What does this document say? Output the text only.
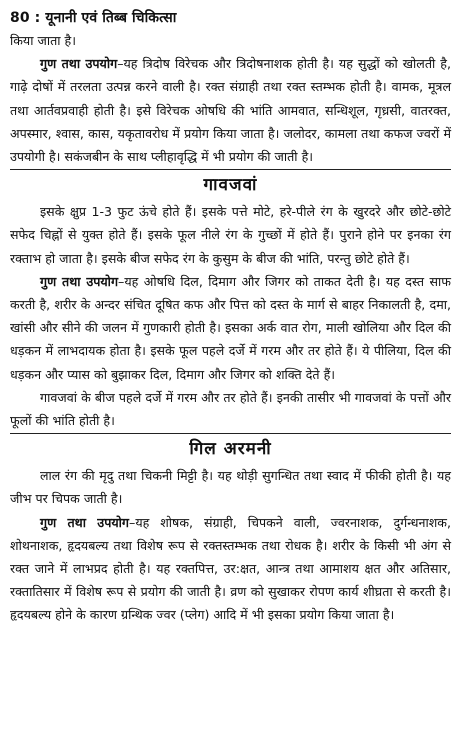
80 : यूनानी एवं तिब्ब चिकित्सा

किया जाता है।

गुण तथा उपयोग–यह त्रिदोष विरेचक और त्रिदोषनाशक होती है। यह सुद्धों को खोलती है, गाढ़े दोषों में तरलता उत्पन्न करने वाली है। रक्त संग्राही तथा रक्त स्तम्भक होती है। वामक, मूत्रल तथा आर्तवप्रवाही होती है। इसे विरेचक ओषधि की भांति आमवात, सन्धिशूल, गृध्रसी, वातरक्त, अपस्मार, श्वास, कास, यकृतावरोध में प्रयोग किया जाता है। जलोदर, कामला तथा कफज ज्वरों में उपयोगी है। सकंजबीन के साथ प्लीहावृद्धि में भी प्रयोग की जाती है।

गावजवां

इसके क्षुप्र 1-3 फुट ऊंचे होते हैं। इसके पत्ते मोटे, हरे-पीले रंग के खुरदरे और छोटे-छोटे सफेद चिह्नों से युक्त होते हैं। इसके फूल नीले रंग के गुच्छों में होते हैं। पुराने होने पर इनका रंग रक्ताभ हो जाता है। इसके बीज सफेद रंग के कुसुम के बीज की भांति, परन्तु छोटे होते हैं।

गुण तथा उपयोग–यह ओषधि दिल, दिमाग और जिगर को ताकत देती है। यह दस्त साफ करती है, शरीर के अन्दर संचित दूषित कफ और पित्त को दस्त के मार्ग से बाहर निकालती है, दमा, खांसी और सीने की जलन में गुणकारी होती है। इसका अर्क वात रोग, माली खोलिया और दिल की धड़कन में लाभदायक होता है। इसके फूल पहले दर्जे में गरम और तर होते हैं। ये पीलिया, दिल की धड़कन और प्यास को बुझाकर दिल, दिमाग और जिगर को शक्ति देते हैं।

गावजवां के बीज पहले दर्जे में गरम और तर होते हैं। इनकी तासीर भी गावजवां के पत्तों और फूलों की भांति होती है।

गिल अरमनी

लाल रंग की मृदु तथा चिकनी मिट्टी है। यह थोड़ी सुगन्धित तथा स्वाद में फीकी होती है। यह जीभ पर चिपक जाती है।

गुण तथा उपयोग–यह शोषक, संग्राही, चिपकने वाली, ज्वरनाशक, दुर्गन्धनाशक, शोथनाशक, हृदयबल्य तथा विशेष रूप से रक्तस्तम्भक तथा रोधक है। शरीर के किसी भी अंग से रक्त जाने में लाभप्रद होती है। यह रक्तपित्त, उर:क्षत, आन्त्र तथा आमाशय क्षत और अतिसार, रक्तातिसार में विशेष रूप से प्रयोग की जाती है। व्रण को सुखाकर रोपण कार्य शीघ्रता से करती है। हृदयबल्य होने के कारण ग्रन्थिक ज्वर (प्लेग) आदि में भी इसका प्रयोग किया जाता है।
